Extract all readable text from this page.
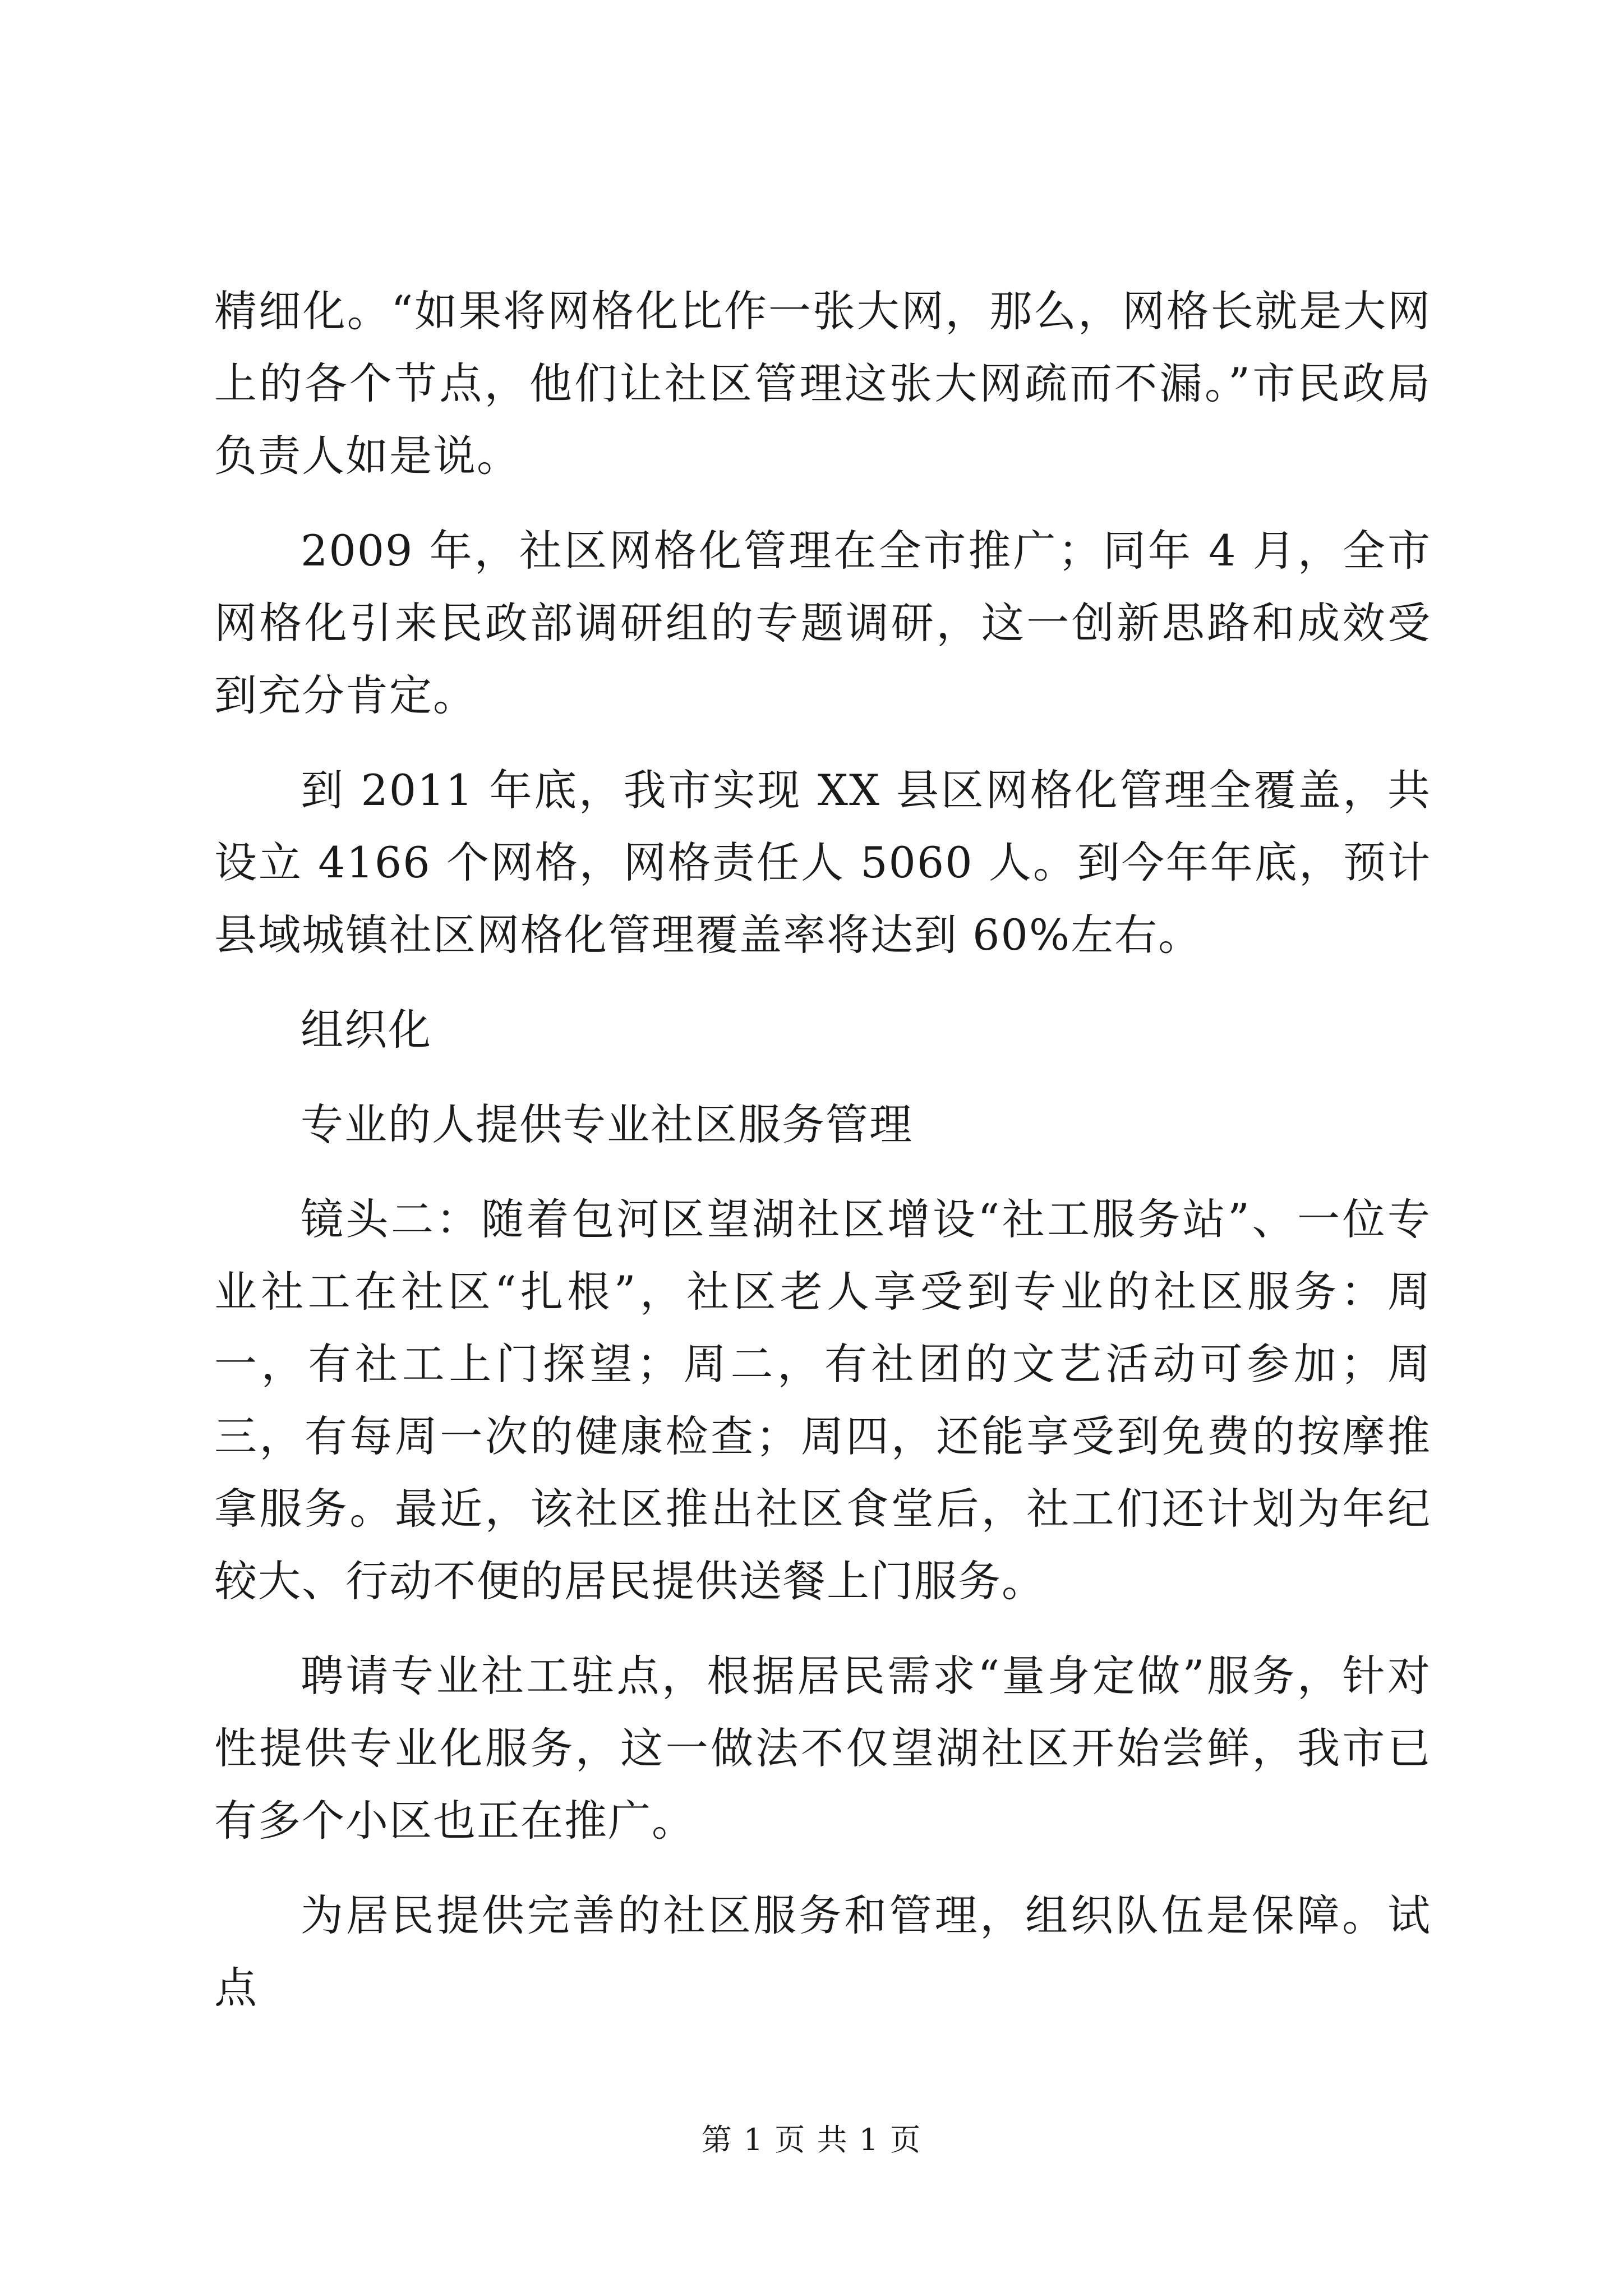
精细化。“如果将网格化比作一张大网，那么，网格长就是大网上的各个节点，他们让社区管理这张大网疏而不漏。”市民政局负责人如是说。

2009 年，社区网格化管理在全市推广；同年 4 月，全市网格化引来民政部调研组的专题调研，这一创新思路和成效受到充分肯定。

到 2011 年底，我市实现 XX 县区网格化管理全覆盖，共设立 4166 个网格，网格责任人 5060 人。到今年年底，预计县域城镇社区网格化管理覆盖率将达到 60%左右。

组织化

专业的人提供专业社区服务管理

镜头二：随着包河区望湖社区增设“社工服务站”、一位专业社工在社区“扎根”，社区老人享受到专业的社区服务：周一，有社工上门探望；周二，有社团的文艺活动可参加；周三，有每周一次的健康检查；周四，还能享受到免费的按摩推拿服务。最近，该社区推出社区食堂后，社工们还计划为年纪较大、行动不便的居民提供送餐上门服务。

聘请专业社工驻点，根据居民需求“量身定做”服务，针对性提供专业化服务，这一做法不仅望湖社区开始尝鲜，我市已有多个小区也正在推广。

为居民提供完善的社区服务和管理，组织队伍是保障。试点

第 1 页 共 1 页
